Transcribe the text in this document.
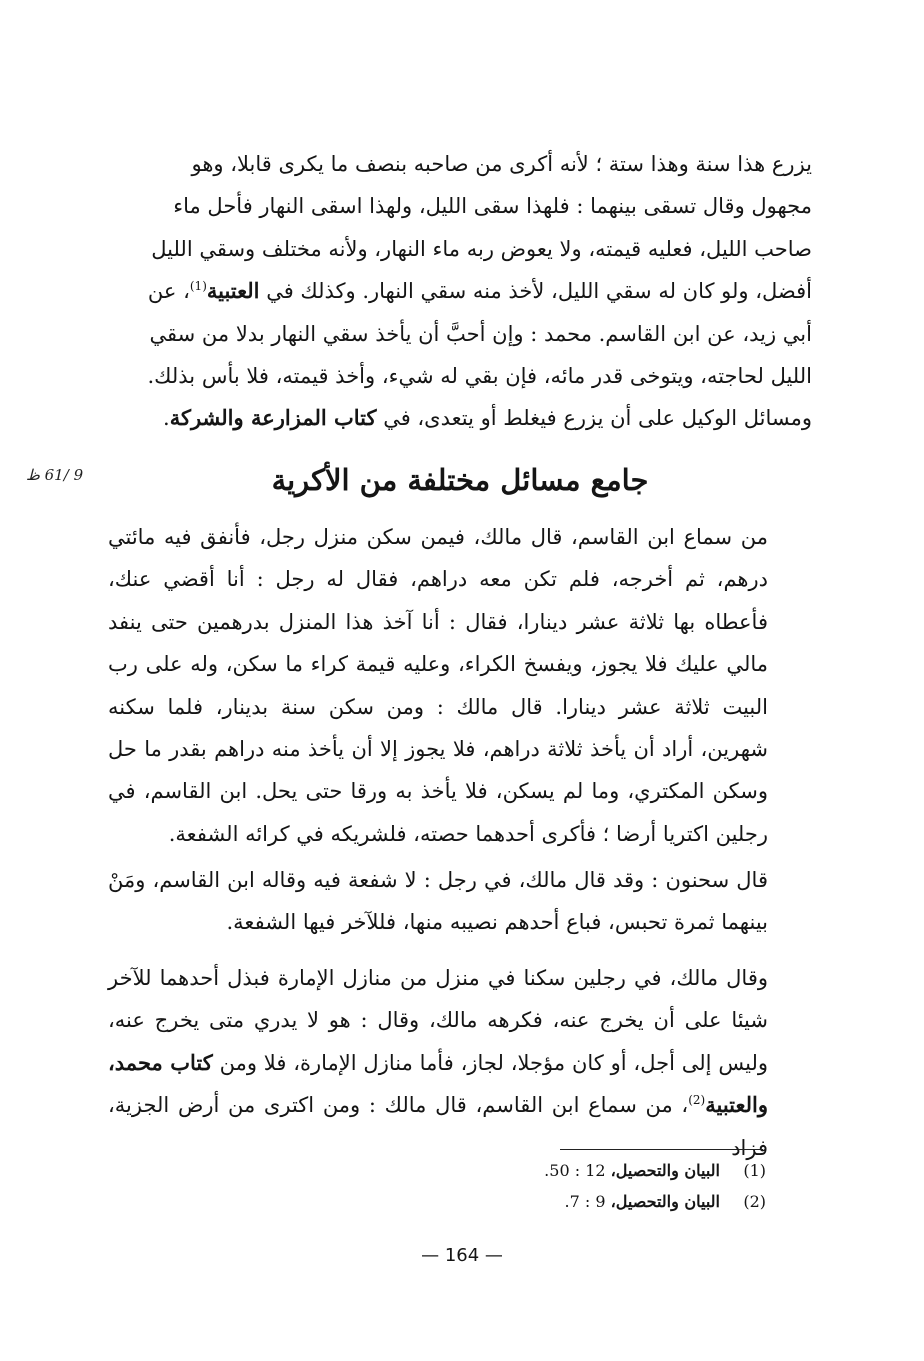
يزرع هذا سنة وهذا ستة ؛ لأنه أكرى من صاحبه بنصف ما يكرى قابلا، وهو

مجهول وقال تسقى بينهما : فلهذا سقى الليل، ولهذا اسقى النهار فأحل ماء

صاحب الليل، فعليه قيمته، ولا يعوض ربه ماء النهار، ولأنه مختلف وسقي الليل

أفضل، ولو كان له سقي الليل، لأخذ منه سقي النهار. وكذلك في العتبية$^{(1)}$، عن

أبي زيد، عن ابن القاسم. محمد : وإن أحبَّ أن يأخذ سقي النهار بدلا من سقي

الليل لحاجته، ويتوخى قدر مائه، فإن بقي له شيء، وأخذ قيمته، فلا بأس بذلك.

ومسائل الوكيل على أن يزرع فيغلط أو يتعدى، في كتاب المزارعة والشركة.

9 /61 ظ	جامع مسائل مختلفة من الأكرية

من سماع ابن القاسم، قال مالك، فيمن سكن منزل رجل، فأنفق فيه مائتي درهم، ثم أخرجه، فلم تكن معه دراهم، فقال له رجل : أنا أقضي عنك، فأعطاه بها ثلاثة عشر دينارا، فقال : أنا آخذ هذا المنزل بدرهمين حتى ينفد مالي عليك فلا يجوز، ويفسخ الكراء، وعليه قيمة كراء ما سكن، وله على رب البيت ثلاثة عشر دينارا. قال مالك : ومن سكن سنة بدينار، فلما سكنه شهرين، أراد أن يأخذ ثلاثة دراهم، فلا يجوز إلا أن يأخذ منه دراهم بقدر ما حل وسكن المكتري، وما لم يسكن، فلا يأخذ به ورقا حتى يحل. ابن القاسم، في رجلين اكتريا أرضا ؛ فأكرى أحدهما حصته، فلشريكه في كرائه الشفعة.

قال سحنون : وقد قال مالك، في رجل : لا شفعة فيه وقاله ابن القاسم، ومَنْ بينهما ثمرة تحبس، فباع أحدهم نصيبه منها، فللآخر فيها الشفعة.

وقال مالك، في رجلين سكنا في منزل من منازل الإمارة فبذل أحدهما للآخر شيئا على أن يخرج عنه، فكرهه مالك، وقال : هو لا يدري متى يخرج عنه، وليس إلى أجل، أو كان مؤجلا، لجاز، فأما منازل الإمارة، فلا ومن كتاب محمد، والعتبية$^{(2)}$، من سماع ابن القاسم، قال مالك : ومن اكترى من أرض الجزية، فزاد

(1)
البيان والتحصيل، 12 : 50.
(2)
البيان والتحصيل، 9 : 7.
— 164 —
